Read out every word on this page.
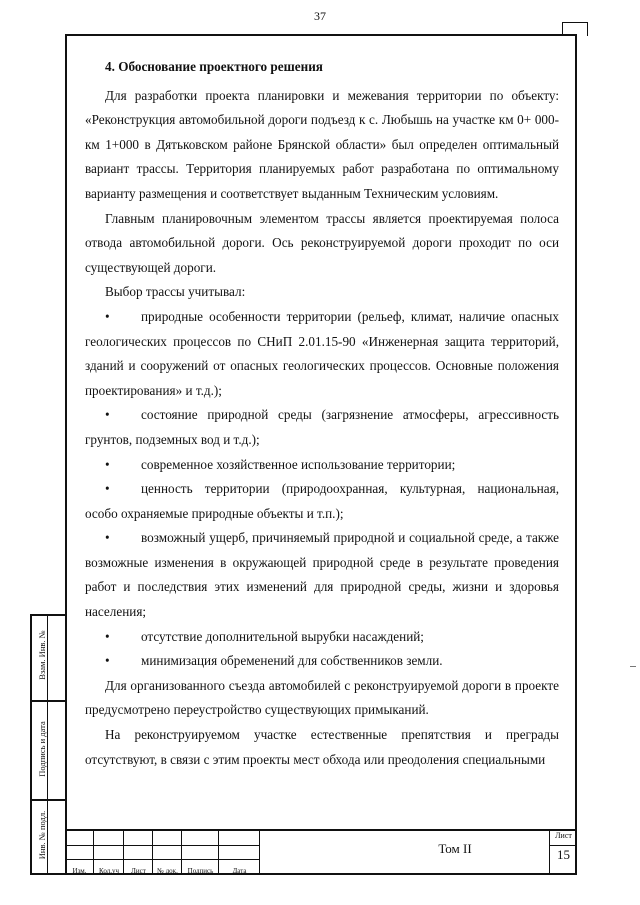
37

4. Обоснование проектного решения

Для разработки проекта планировки и межевания территории по объекту: «Реконструкция автомобильной дороги подъезд к с. Любышь на участке км 0+ 000-км 1+000 в Дятьковском районе Брянской области» был определен оптимальный вариант трассы. Территория планируемых работ разработана по оптимальному варианту размещения и соответствует выданным Техническим условиям.

Главным планировочным элементом трассы является проектируемая полоса отвода автомобильной дороги. Ось реконструируемой дороги проходит по оси существующей дороги.

Выбор трассы учитывал:

• природные особенности территории (рельеф, климат, наличие опасных геологических процессов по СНиП 2.01.15-90 «Инженерная защита территорий, зданий и сооружений от опасных геологических процессов. Основные положения проектирования» и т.д.);

• состояние природной среды (загрязнение атмосферы, агрессивность грунтов, подземных вод и т.д.);

• современное хозяйственное использование территории;

• ценность территории (природоохранная, культурная, национальная, особо охраняемые природные объекты и т.п.);

• возможный ущерб, причиняемый природной и социальной среде, а также возможные изменения в окружающей природной среде в результате проведения работ и последствия этих изменений для природной среды, жизни и здоровья населения;

• отсутствие дополнительной вырубки насаждений;

• минимизация обременений для собственников земли.

Для организованного съезда автомобилей с реконструируемой дороги в проекте предусмотрено переустройство существующих примыканий.

На реконструируемом участке естественные препятствия и преграды отсутствуют, в связи с этим проекты мест обхода или преодоления специальными

Взам. Инв. №
Подпись и дата
Инв. № подл.
Изм.	Кол.уч	Лист	№ док.	Подпись	Дата
Том II
Лист
15
